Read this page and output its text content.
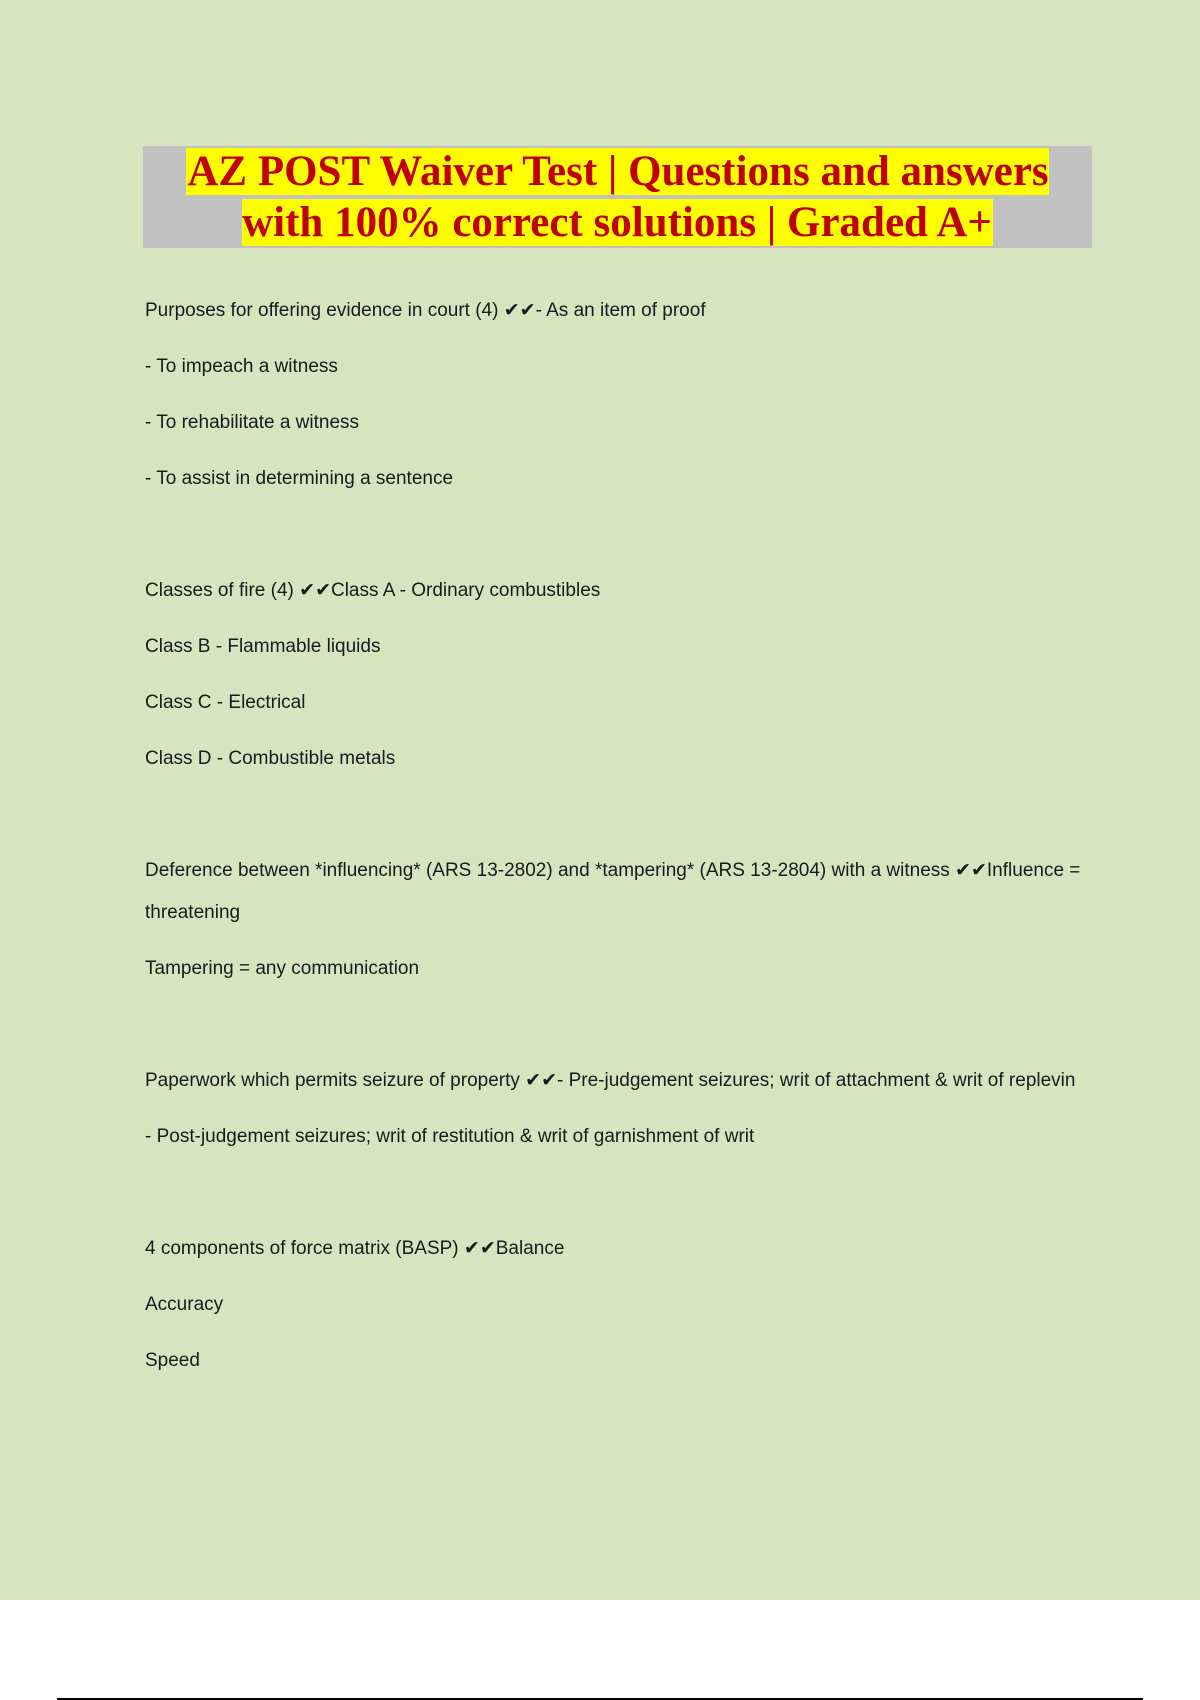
AZ POST Waiver Test | Questions and answers with 100% correct solutions | Graded A+

Purposes for offering evidence in court (4) ✔✔- As an item of proof

- To impeach a witness

- To rehabilitate a witness

- To assist in determining a sentence

Classes of fire (4) ✔✔Class A - Ordinary combustibles

Class B - Flammable liquids

Class C - Electrical

Class D - Combustible metals

Deference between *influencing* (ARS 13-2802) and *tampering* (ARS 13-2804) with a witness ✔✔Influence = threatening

Tampering = any communication

Paperwork which permits seizure of property ✔✔- Pre-judgement seizures; writ of attachment & writ of replevin

- Post-judgement seizures; writ of restitution & writ of garnishment of writ

4 components of force matrix (BASP) ✔✔Balance

Accuracy

Speed
